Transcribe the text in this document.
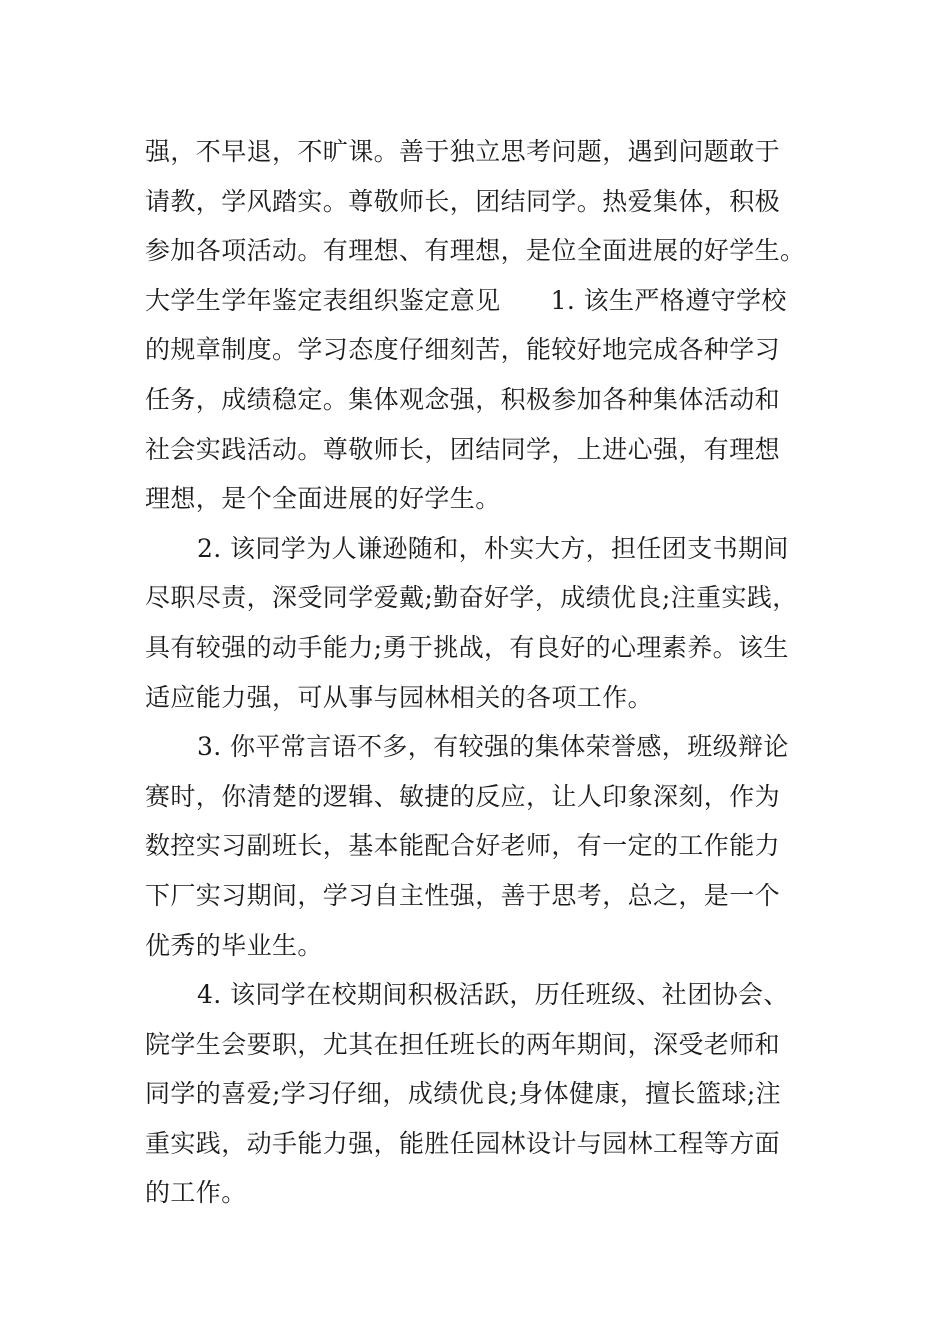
强，不早退，不旷课。善于独立思考问题，遇到问题敢于
请教，学风踏实。尊敬师长，团结同学。热爱集体，积极
参加各项活动。有理想、有理想，是位全面进展的好学生。
大学生学年鉴定表组织鉴定意见 1. 该生严格遵守学校
的规章制度。学习态度仔细刻苦，能较好地完成各种学习
任务，成绩稳定。集体观念强，积极参加各种集体活动和
社会实践活动。尊敬师长，团结同学，上进心强，有理想
理想，是个全面进展的好学生。
2. 该同学为人谦逊随和，朴实大方，担任团支书期间
尽职尽责，深受同学爱戴;勤奋好学，成绩优良;注重实践，
具有较强的动手能力;勇于挑战，有良好的心理素养。该生
适应能力强，可从事与园林相关的各项工作。
3. 你平常言语不多，有较强的集体荣誉感，班级辩论
赛时，你清楚的逻辑、敏捷的反应，让人印象深刻，作为
数控实习副班长，基本能配合好老师，有一定的工作能力
下厂实习期间，学习自主性强，善于思考，总之，是一个
优秀的毕业生。
4. 该同学在校期间积极活跃，历任班级、社团协会、
院学生会要职，尤其在担任班长的两年期间，深受老师和
同学的喜爱;学习仔细，成绩优良;身体健康，擅长篮球;注
重实践，动手能力强，能胜任园林设计与园林工程等方面
的工作。
